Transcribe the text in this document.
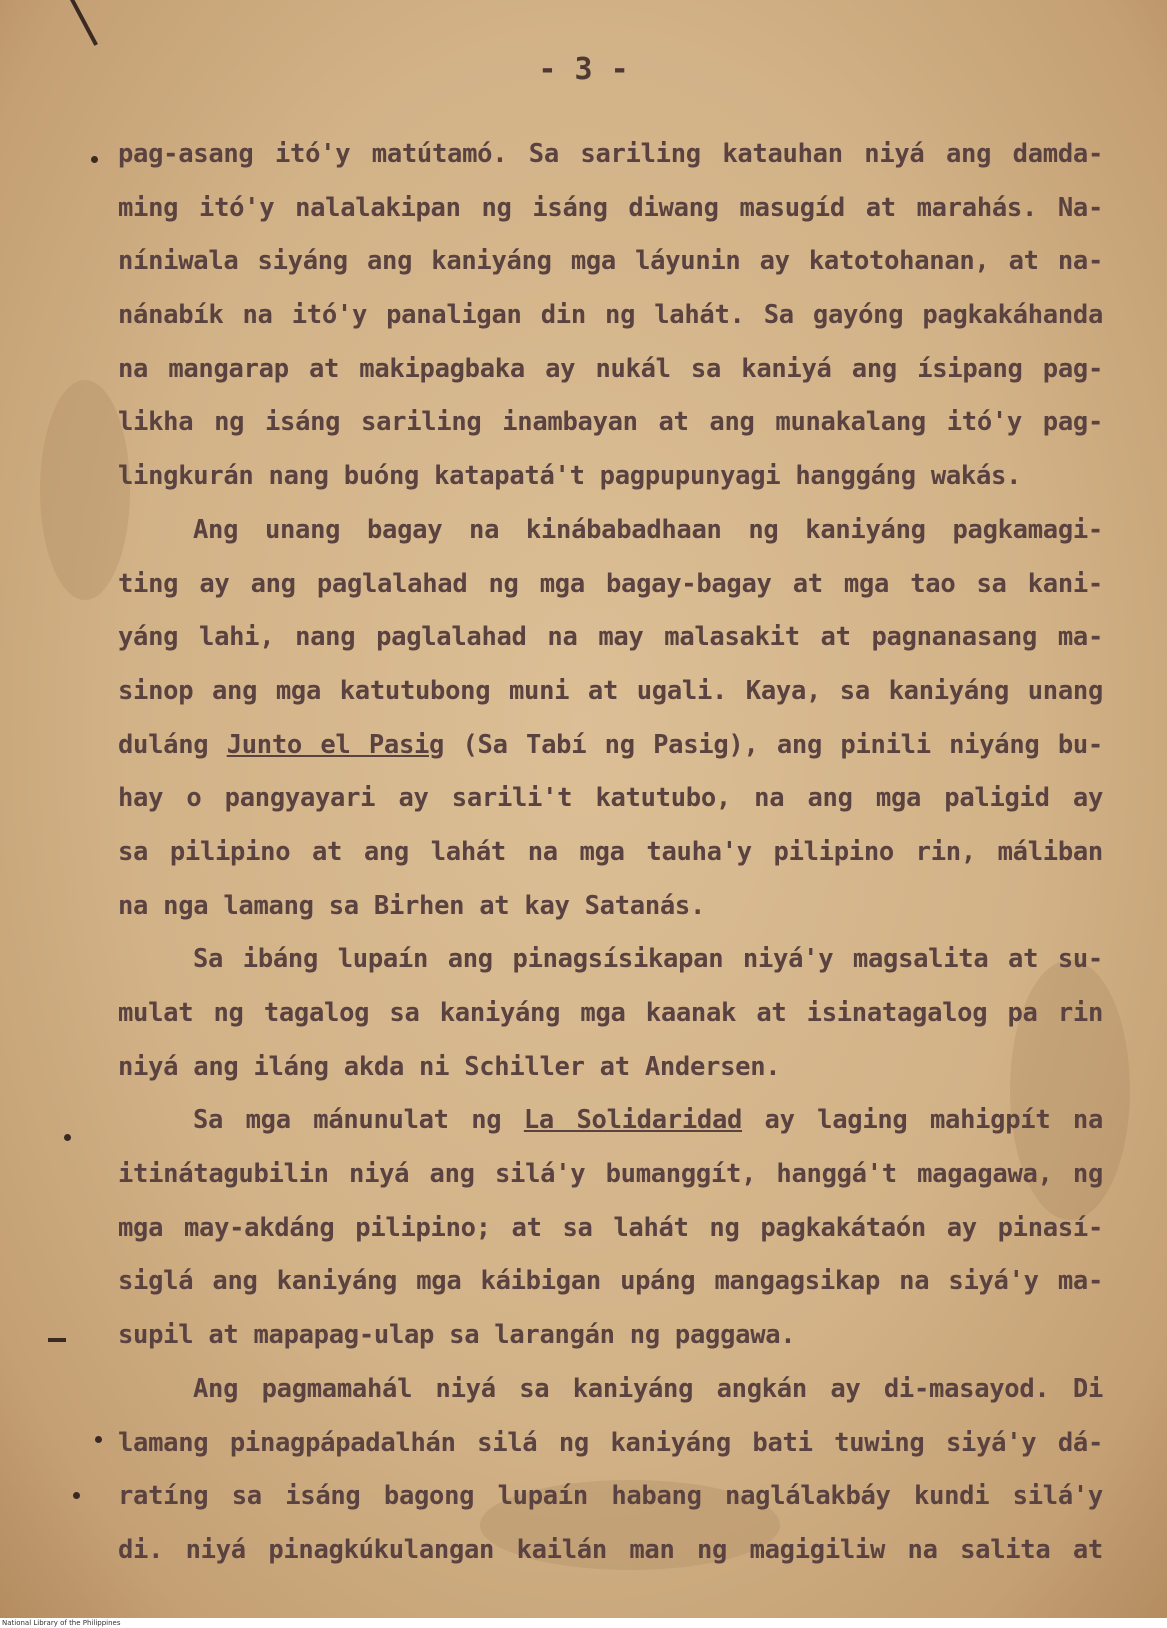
- 3 -
pag-asang itó'y matútamó. Sa sariling katauhan niyá ang damda-
ming itó'y nalalakipan ng isáng diwang masugíd at marahás. Na-
níniwala siyáng ang kaniyáng mga láyunin ay katotohanan, at na-
nánabík na itó'y panaligan din ng lahát. Sa gayóng pagkakáhanda
na mangarap at makipagbaka ay nukál sa kaniyá ang ísipang pag-
likha ng isáng sariling inambayan at ang munakalang itó'y pag-
lingkurán nang buóng katapatá't pagpupunyagi hanggáng wakás.
Ang unang bagay na kinábabadhaan ng kaniyáng pagkamagi-
ting ay ang paglalahad ng mga bagay-bagay at mga tao sa kani-
yáng lahi, nang paglalahad na may malasakit at pagnanasang ma-
sinop ang mga katutubong muni at ugali. Kaya, sa kaniyáng unang
duláng Junto el Pasig (Sa Tabí ng Pasig), ang pinili niyáng bu-
hay o pangyayari ay sarili't katutubo, na ang mga paligid ay
sa pilipino at ang lahát na mga tauha'y pilipino rin, máliban
na nga lamang sa Birhen at kay Satanás.
Sa ibáng lupaín ang pinagsísikapan niyá'y magsalita at su-
mulat ng tagalog sa kaniyáng mga kaanak at isinatagalog pa rin
niyá ang iláng akda ni Schiller at Andersen.
Sa mga mánunulat ng La Solidaridad ay laging mahigpít na
itinátagubilin niyá ang silá'y bumanggít, hanggá't magagawa, ng
mga may-akdáng pilipino; at sa lahát ng pagkakátaón ay pinasí-
siglá ang kaniyáng mga káibigan upáng mangagsikap na siyá'y ma-
supil at mapapag-ulap sa larangán ng paggawa.
Ang pagmamahál niyá sa kaniyáng angkán ay di-masayod. Di
lamang pinagpápadalhán silá ng kaniyáng bati tuwing siyá'y dá-
ratíng sa isáng bagong lupaín habang naglálakbáy kundi silá'y
di. niyá pinagkúkulangan kailán man ng magigiliw na salita at
National Library of the Philippines
